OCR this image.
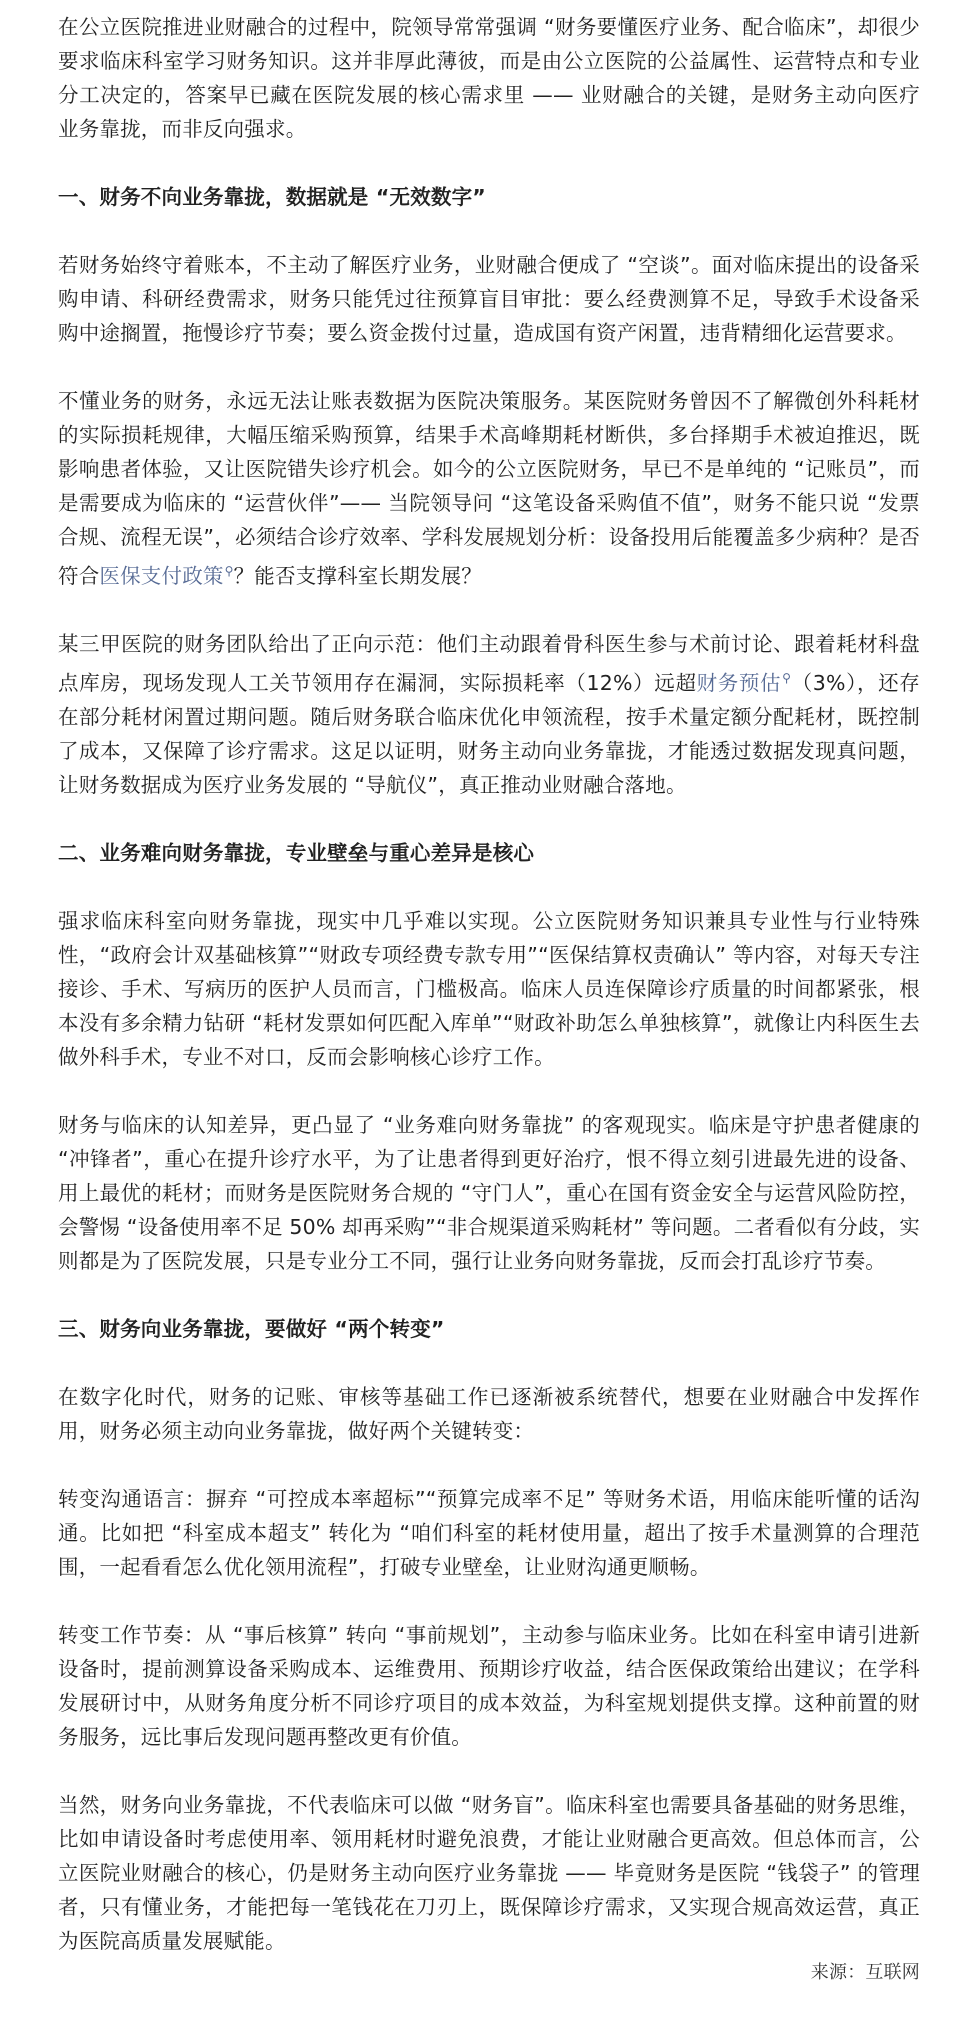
在公立医院推进业财融合的过程中，院领导常常强调 “财务要懂医疗业务、配合临床”，却很少要求临床科室学习财务知识。这并非厚此薄彼，而是由公立医院的公益属性、运营特点和专业分工决定的，答案早已藏在医院发展的核心需求里 —— 业财融合的关键，是财务主动向医疗业务靠拢，而非反向强求。

一、财务不向业务靠拢，数据就是 “无效数字”

若财务始终守着账本，不主动了解医疗业务，业财融合便成了 “空谈”。面对临床提出的设备采购申请、科研经费需求，财务只能凭过往预算盲目审批：要么经费测算不足，导致手术设备采购中途搁置，拖慢诊疗节奏；要么资金拨付过量，造成国有资产闲置，违背精细化运营要求。

不懂业务的财务，永远无法让账表数据为医院决策服务。某医院财务曾因不了解微创外科耗材的实际损耗规律，大幅压缩采购预算，结果手术高峰期耗材断供，多台择期手术被迫推迟，既影响患者体验，又让医院错失诊疗机会。如今的公立医院财务，早已不是单纯的 “记账员”，而是需要成为临床的 “运营伙伴”—— 当院领导问 “这笔设备采购值不值”，财务不能只说 “发票合规、流程无误”，必须结合诊疗效率、学科发展规划分析：设备投用后能覆盖多少病种？是否符合医保支付政策⚲？能否支撑科室长期发展？

某三甲医院的财务团队给出了正向示范：他们主动跟着骨科医生参与术前讨论、跟着耗材科盘点库房，现场发现人工关节领用存在漏洞，实际损耗率（12%）远超财务预估⚲（3%），还存在部分耗材闲置过期问题。随后财务联合临床优化申领流程，按手术量定额分配耗材，既控制了成本，又保障了诊疗需求。这足以证明，财务主动向业务靠拢，才能透过数据发现真问题，让财务数据成为医疗业务发展的 “导航仪”，真正推动业财融合落地。

二、业务难向财务靠拢，专业壁垒与重心差异是核心

强求临床科室向财务靠拢，现实中几乎难以实现。公立医院财务知识兼具专业性与行业特殊性，“政府会计双基础核算”“财政专项经费专款专用”“医保结算权责确认” 等内容，对每天专注接诊、手术、写病历的医护人员而言，门槛极高。临床人员连保障诊疗质量的时间都紧张，根本没有多余精力钻研 “耗材发票如何匹配入库单”“财政补助怎么单独核算”，就像让内科医生去做外科手术，专业不对口，反而会影响核心诊疗工作。

财务与临床的认知差异，更凸显了 “业务难向财务靠拢” 的客观现实。临床是守护患者健康的 “冲锋者”，重心在提升诊疗水平，为了让患者得到更好治疗，恨不得立刻引进最先进的设备、用上最优的耗材；而财务是医院财务合规的 “守门人”，重心在国有资金安全与运营风险防控，会警惕 “设备使用率不足 50% 却再采购”“非合规渠道采购耗材” 等问题。二者看似有分歧，实则都是为了医院发展，只是专业分工不同，强行让业务向财务靠拢，反而会打乱诊疗节奏。

三、财务向业务靠拢，要做好 “两个转变”

在数字化时代，财务的记账、审核等基础工作已逐渐被系统替代，想要在业财融合中发挥作用，财务必须主动向业务靠拢，做好两个关键转变：

转变沟通语言：摒弃 “可控成本率超标”“预算完成率不足” 等财务术语，用临床能听懂的话沟通。比如把 “科室成本超支” 转化为 “咱们科室的耗材使用量，超出了按手术量测算的合理范围，一起看看怎么优化领用流程”，打破专业壁垒，让业财沟通更顺畅。

转变工作节奏：从 “事后核算” 转向 “事前规划”，主动参与临床业务。比如在科室申请引进新设备时，提前测算设备采购成本、运维费用、预期诊疗收益，结合医保政策给出建议；在学科发展研讨中，从财务角度分析不同诊疗项目的成本效益，为科室规划提供支撑。这种前置的财务服务，远比事后发现问题再整改更有价值。

当然，财务向业务靠拢，不代表临床可以做 “财务盲”。临床科室也需要具备基础的财务思维，比如申请设备时考虑使用率、领用耗材时避免浪费，才能让业财融合更高效。但总体而言，公立医院业财融合的核心，仍是财务主动向医疗业务靠拢 —— 毕竟财务是医院 “钱袋子” 的管理者，只有懂业务，才能把每一笔钱花在刀刃上，既保障诊疗需求，又实现合规高效运营，真正为医院高质量发展赋能。

来源：互联网
